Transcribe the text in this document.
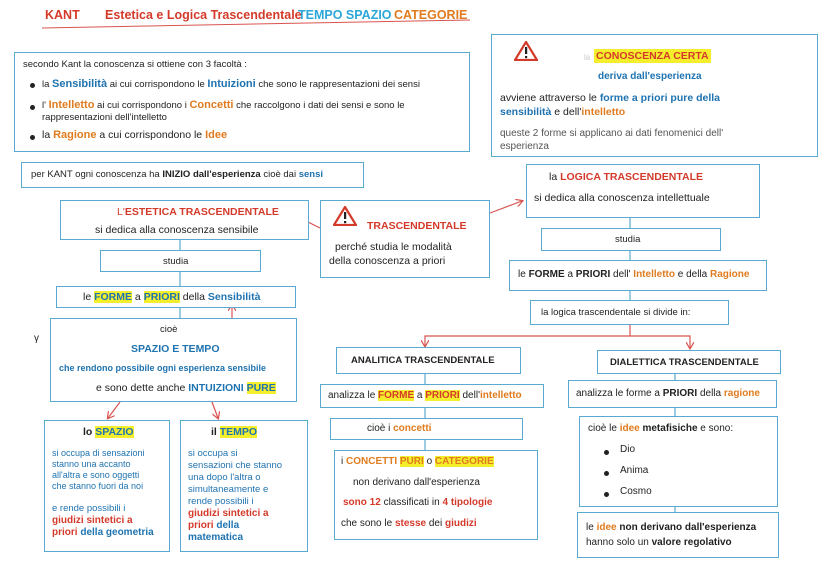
KANT Estetica e Logica Trascendentale
TEMPO SPAZIO CATEGORIE
secondo Kant la conoscenza si ottiene con 3 facoltà :
la Sensibilità ai cui corrispondono le Intuizioni che sono le rappresentazioni dei sensi
l' Intelletto ai cui corrispondono i Concetti che raccolgono i dati dei sensi e sono le
rappresentazioni dell'intelletto
la Ragione a cui corrispondono le Idee
la CONOSCENZA CERTA
deriva dall'esperienza
avviene attraverso le forme a priori pure della
sensibilità e dell'intelletto
queste 2 forme si applicano ai dati fenomenici dell'
esperienza
per KANT ogni conoscenza ha INIZIO dall'esperienza cioè dai sensi
L'ESTETICA TRASCENDENTALE
si dedica alla conoscenza sensibile
studia
le FORME a PRIORI della Sensibilità
γ
cioè
SPAZIO E TEMPO
che rendono possibile ogni esperienza sensibile
e sono dette anche INTUIZIONI PURE
lo SPAZIO
si occupa di sensazioni
stanno una accanto
all'altra e sono oggetti
che stanno fuori da noi
e rende possibili i
giudizi sintetici a
priori della geometria
il TEMPO
si occupa si
sensazioni che stanno
una dopo l'altra o
simultaneamente e
rende possibili i
giudizi sintetici a
priori della
matematica
TRASCENDENTALE
perché studia le modalità
della conoscenza a priori
la LOGICA TRASCENDENTALE
si dedica alla conoscenza intellettuale
studia
le FORME a PRIORI dell' Intelletto e della Ragione
la logica trascendentale si divide in:
ANALITICA TRASCENDENTALE
analizza le FORME a PRIORI dell'intelletto
cioè i concetti
i CONCETTI PURI o CATEGORIE
non derivano dall'esperienza
sono 12 classificati in 4 tipologie
che sono le stesse dei giudizi
DIALETTICA TRASCENDENTALE
analizza le forme a PRIORI della ragione
cioè le idee metafisiche e sono:
Dio
Anima
Cosmo
le idee non derivano dall'esperienza
hanno solo un valore regolativo
